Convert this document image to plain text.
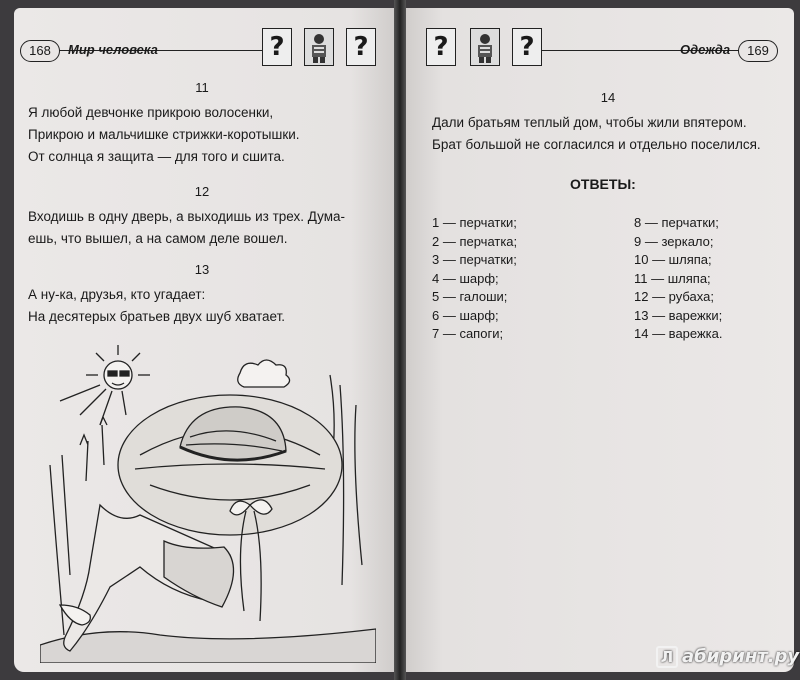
168	Мир человека	?	? ?	?	Одежда	169
11
Я любой девчонке прикрою волосенки,
Прикрою и мальчишке стрижки-коротышки.
От солнца я защита — для того и сшита.
12
Входишь в одну дверь, а выходишь из трех. Дума-
ешь, что вышел, а на самом деле вошел.
13
А ну-ка, друзья, кто угадает:
На десятерых братьев двух шуб хватает.
14
Дали братьям теплый дом, чтобы жили впятером.
Брат большой не согласился и отдельно поселился.
ОТВЕТЫ:
1 — перчатки;
2 — перчатка;
3 — перчатки;
4 — шарф;
5 — галоши;
6 — шарф;
7 — сапоги;
8 — перчатки;
9 — зеркало;
10 — шляпа;
11 — шляпа;
12 — рубаха;
13 — варежки;
14 — варежка.
Л абиринт.ру
